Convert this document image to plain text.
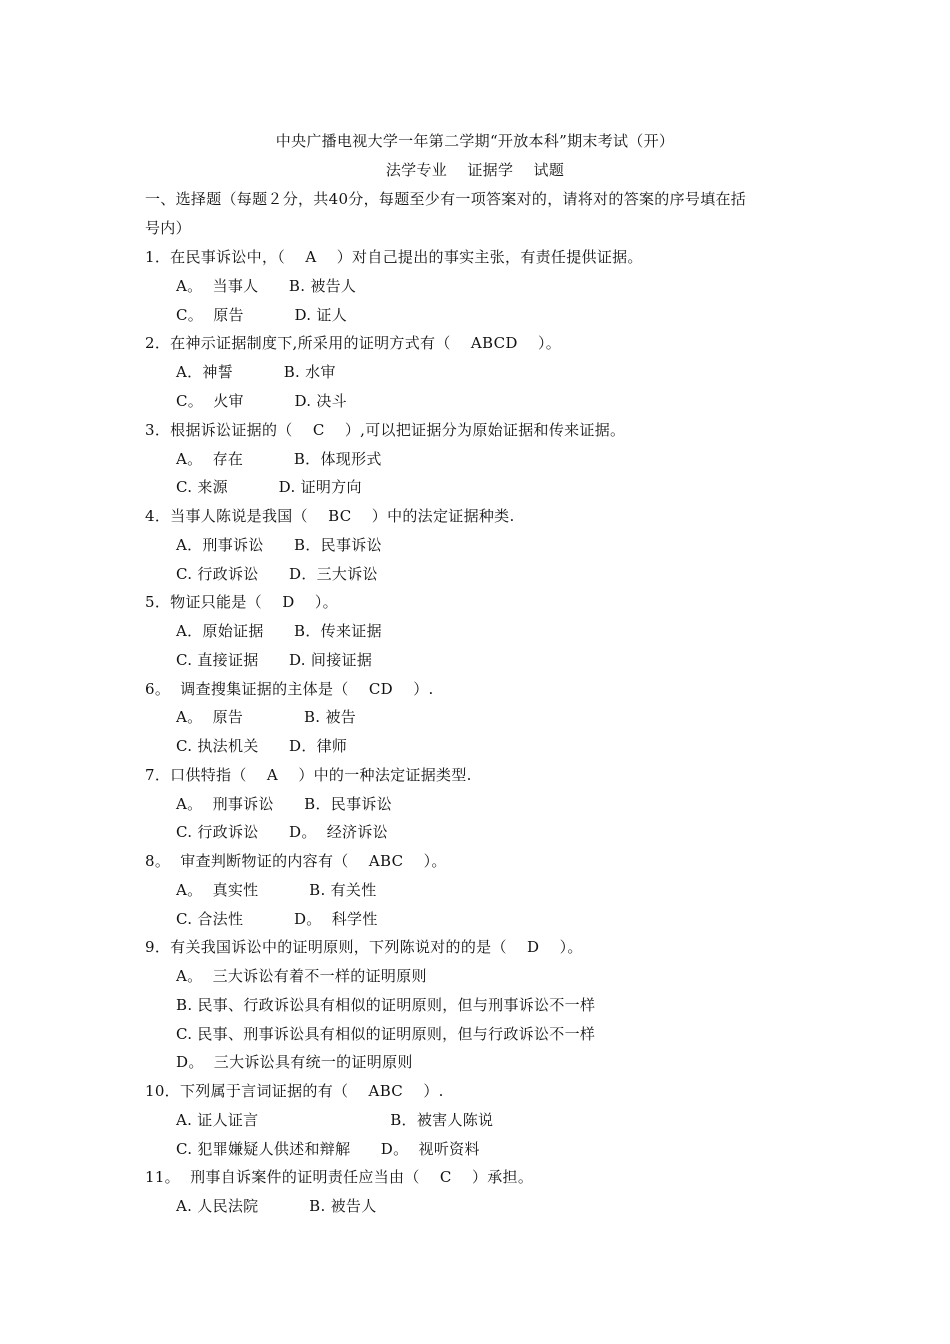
中央广播电视大学一年第二学期“开放本科”期末考试（开）
法学专业    证据学    试题
一、选择题（每题２分，共40分，每题至少有一项答案对的，请将对的答案的序号填在括
号内）
1．在民事诉讼中，（    A    ）对自己提出的事实主张，有责任提供证据。
A。  当事人      B. 被告人
C。  原告          D. 证人
2．在神示证据制度下,所采用的证明方式有（    ABCD    ）。
A．神誓          B. 水审
C。  火审          D. 决斗
3．根据诉讼证据的（    C    ）,可以把证据分为原始证据和传来证据。
A。  存在          B．体现形式
C. 来源          D. 证明方向
4．当事人陈说是我国（    BC    ）中的法定证据种类.
A．刑事诉讼      B．民事诉讼
C. 行政诉讼      D．三大诉讼
5．物证只能是（    D    ）。
A．原始证据      B．传来证据
C. 直接证据      D. 间接证据
6。  调查搜集证据的主体是（    CD    ）.
A。  原告            B. 被告
C. 执法机关      D．律师
7．口供特指（    A    ）中的一种法定证据类型.
A。  刑事诉讼      B．民事诉讼
C. 行政诉讼      D。  经济诉讼
8。  审查判断物证的内容有（    ABC    ）。
A。  真实性          B. 有关性
C. 合法性          D。  科学性
9．有关我国诉讼中的证明原则，下列陈说对的的是（    D    ）。
A。  三大诉讼有着不一样的证明原则
B. 民事、行政诉讼具有相似的证明原则，但与刑事诉讼不一样
C. 民事、刑事诉讼具有相似的证明原则，但与行政诉讼不一样
D。  三大诉讼具有统一的证明原则
10．下列属于言词证据的有（    ABC    ）.
A. 证人证言                          B．被害人陈说
C. 犯罪嫌疑人供述和辩解      D。  视听资料
11。  刑事自诉案件的证明责任应当由（    C    ）承担。
A. 人民法院          B. 被告人
